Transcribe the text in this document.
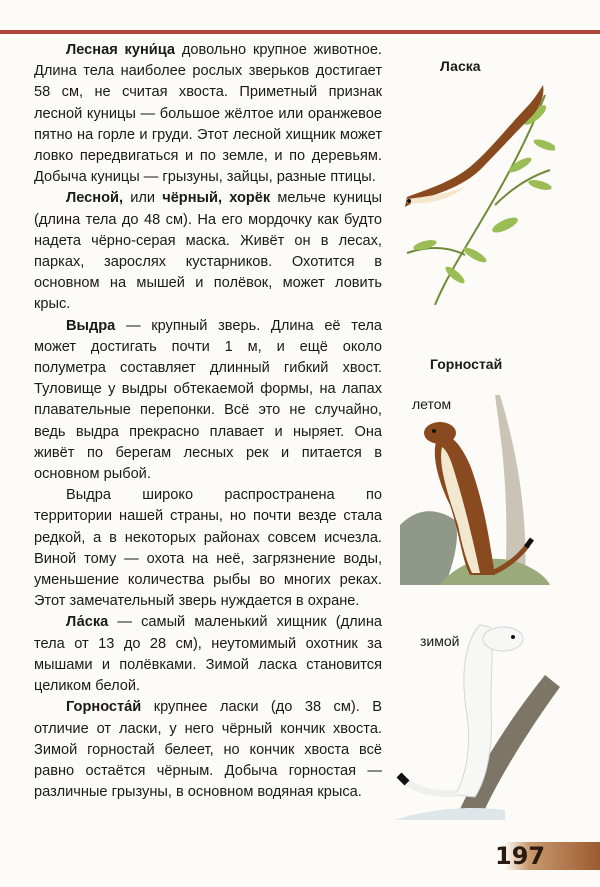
Лесная куни́ца довольно крупное животное. Длина тела наиболее рослых зверьков достигает 58 см, не считая хвоста. Приметный признак лесной куницы — большое жёлтое или оранжевое пятно на горле и груди. Этот лесной хищник может ловко передвигаться и по земле, и по деревьям. Добыча куницы — грызуны, зайцы, разные птицы.

Лесной, или чёрный, хорёк мельче куницы (длина тела до 48 см). На его мордочку как будто надета чёрно-серая маска. Живёт он в лесах, парках, зарослях кустарников. Охотится в основном на мышей и полёвок, может ловить крыс.

Выдра — крупный зверь. Длина её тела может достигать почти 1 м, и ещё около полуметра составляет длинный гибкий хвост. Туловище у выдры обтекаемой формы, на лапах плавательные перепонки. Всё это не случайно, ведь выдра прекрасно плавает и ныряет. Она живёт по берегам лесных рек и питается в основном рыбой.

Выдра широко распространена по территории нашей страны, но почти везде стала редкой, а в некоторых районах совсем исчезла. Виной тому — охота на неё, загрязнение воды, уменьшение количества рыбы во многих реках. Этот замечательный зверь нуждается в охране.

Ла́ска — самый маленький хищник (длина тела от 13 до 28 см), неутомимый охотник за мышами и полёвками. Зимой ласка становится целиком белой.

Горноста́й крупнее ласки (до 38 см). В отличие от ласки, у него чёрный кончик хвоста. Зимой горностай белеет, но кончик хвоста всё равно остаётся чёрным. Добыча горностая — различные грызуны, в основном водяная крыса.

Ласка
Горностай
летом
зимой
197
